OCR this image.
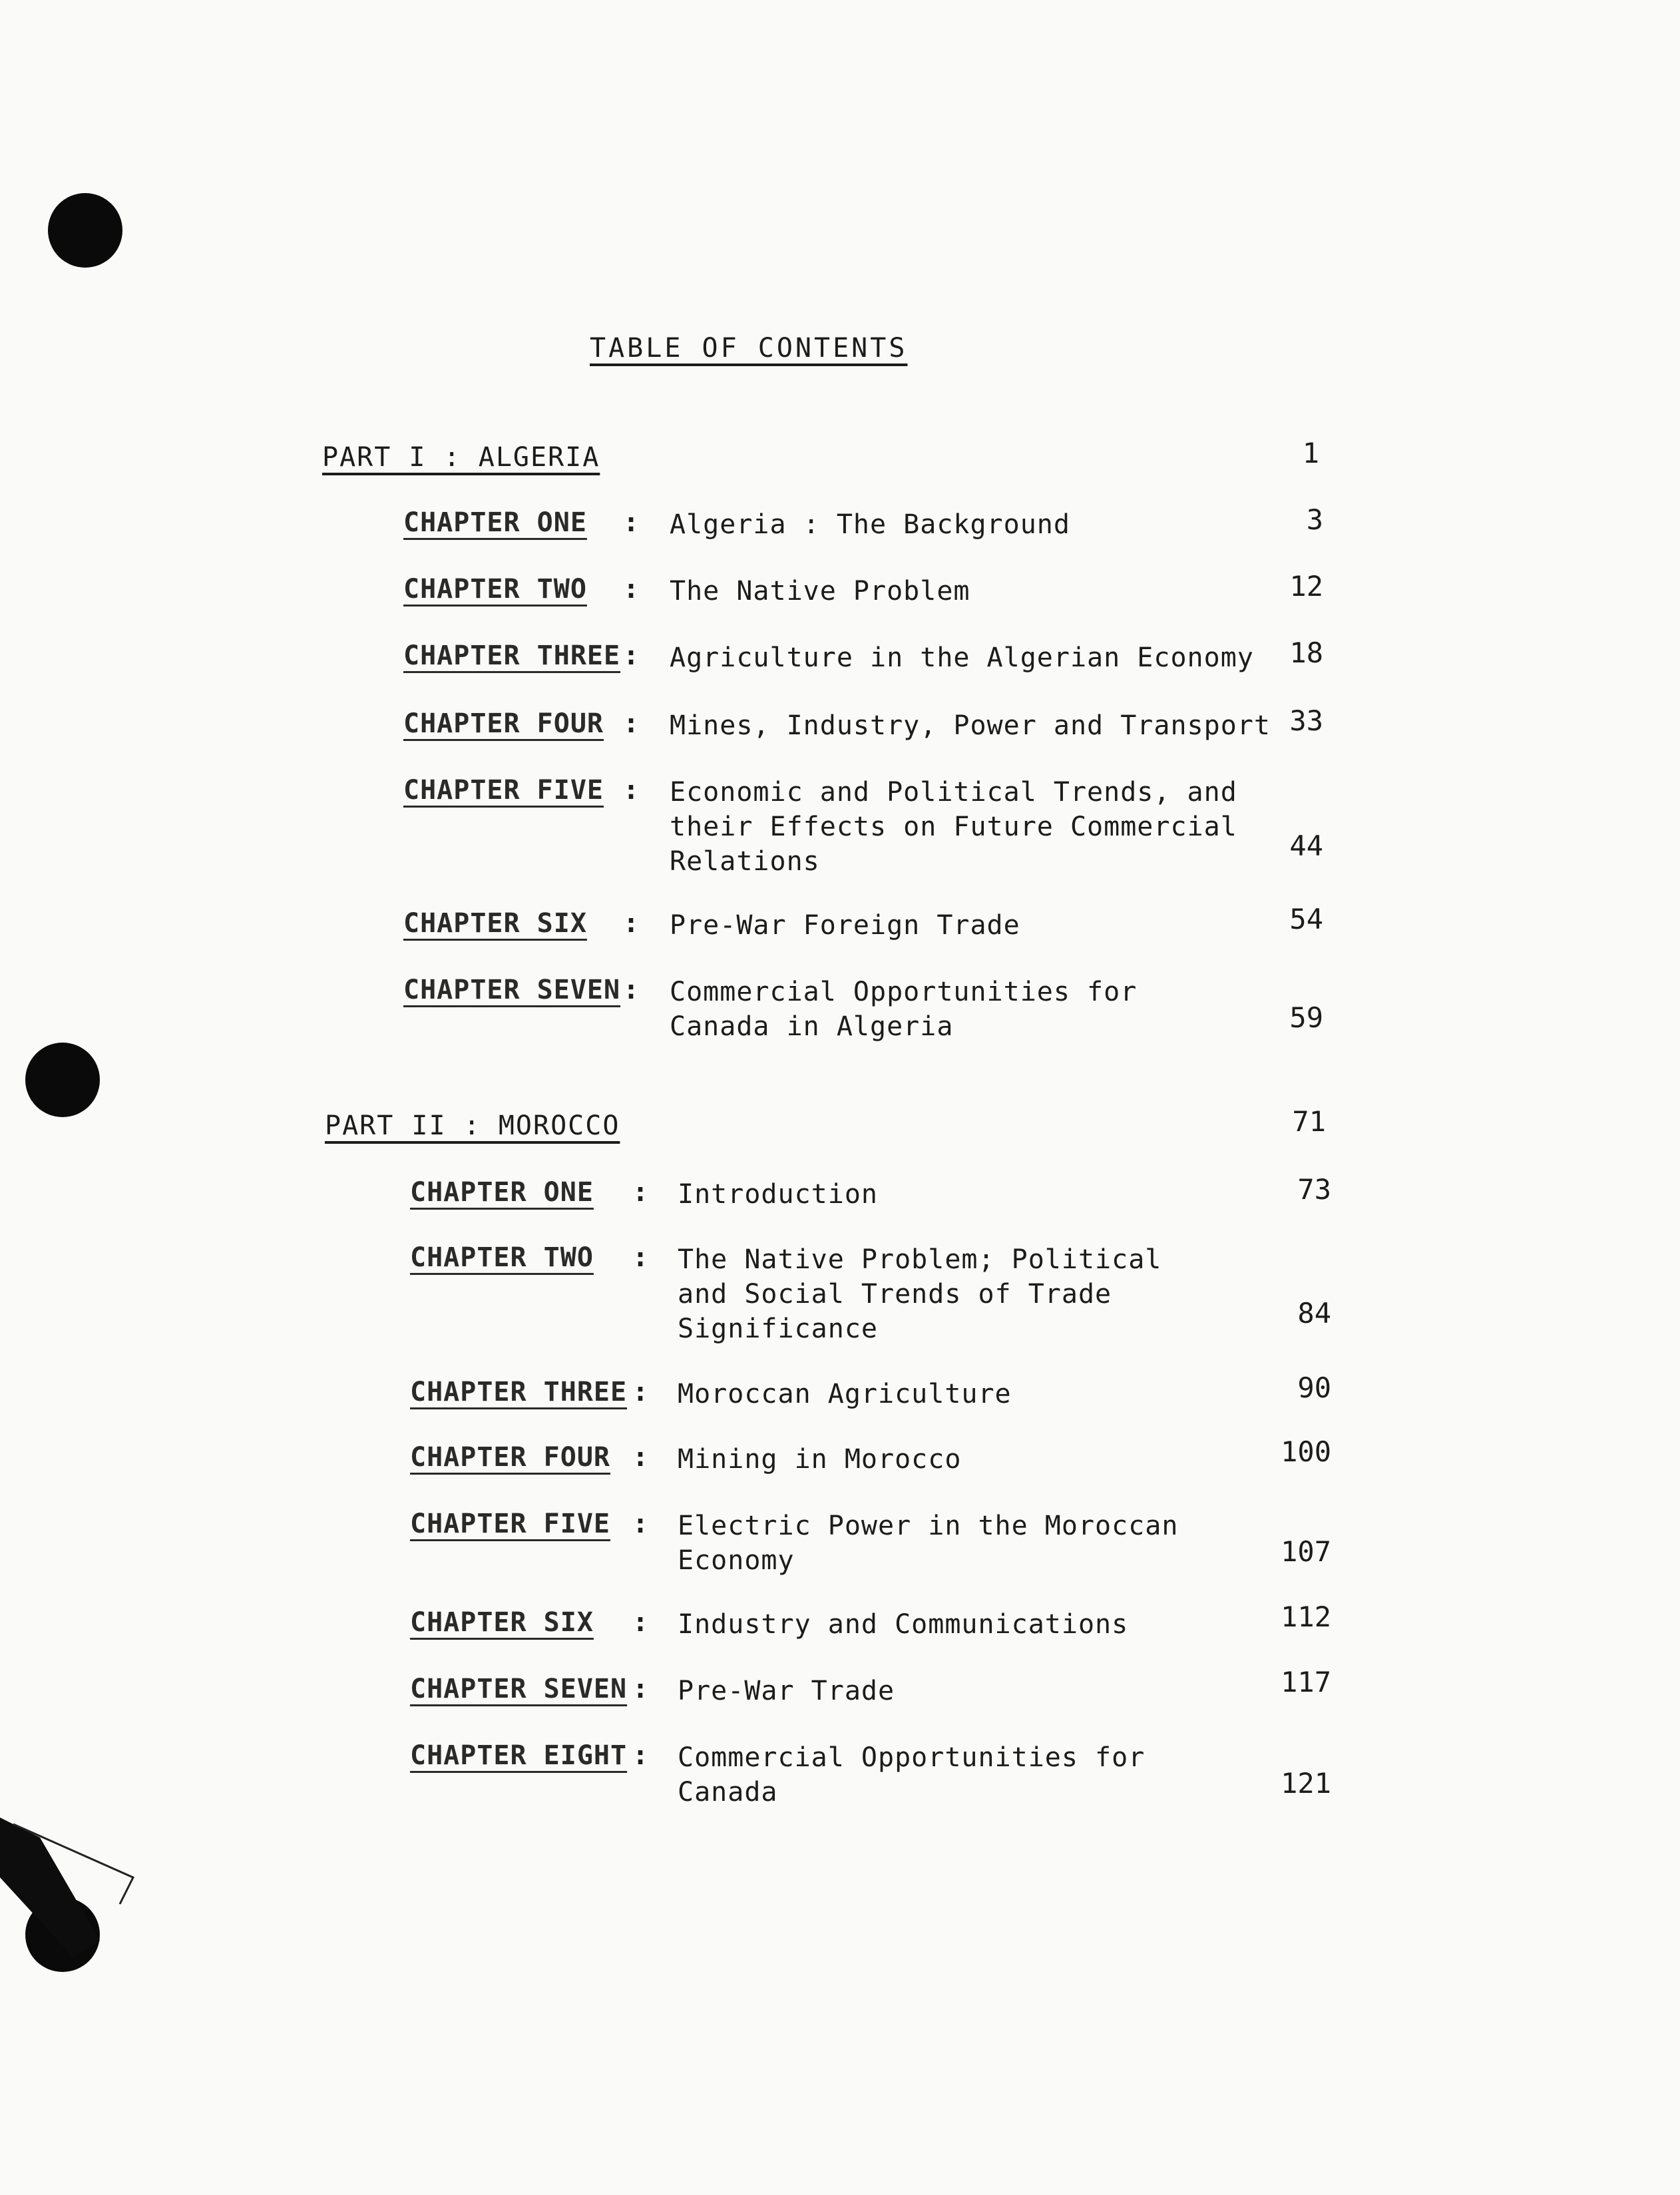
TABLE OF CONTENTS
PART I : ALGERIA	1
CHAPTER ONE : Algeria : The Background	3
CHAPTER TWO : The Native Problem	12
CHAPTER THREE : Agriculture in the Algerian Economy	18
CHAPTER FOUR : Mines, Industry, Power and Transport 33
CHAPTER FIVE : Economic and Political Trends, and their Effects on Future Commercial Relations	44
CHAPTER SIX : Pre-War Foreign Trade	54
CHAPTER SEVEN : Commercial Opportunities for Canada in Algeria	59
PART II : MOROCCO	71
CHAPTER ONE : Introduction	73
CHAPTER TWO : The Native Problem; Political and Social Trends of Trade Significance	84
CHAPTER THREE : Moroccan Agriculture	90
CHAPTER FOUR : Mining in Morocco	100
CHAPTER FIVE : Electric Power in the Moroccan Economy	107
CHAPTER SIX : Industry and Communications	112
CHAPTER SEVEN : Pre-War Trade	117
CHAPTER EIGHT : Commercial Opportunities for Canada	121
